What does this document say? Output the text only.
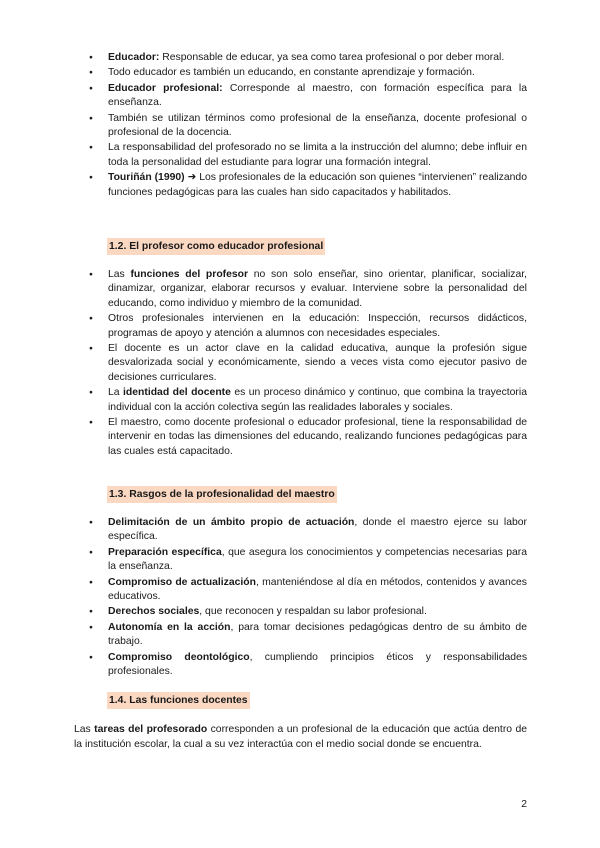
● Educador: Responsable de educar, ya sea como tarea profesional o por deber moral.
● Todo educador es también un educando, en constante aprendizaje y formación.
● Educador profesional: Corresponde al maestro, con formación específica para la enseñanza.
● También se utilizan términos como profesional de la enseñanza, docente profesional o profesional de la docencia.
● La responsabilidad del profesorado no se limita a la instrucción del alumno; debe influir en toda la personalidad del estudiante para lograr una formación integral.
● Touriñán (1990) ➜ Los profesionales de la educación son quienes “intervienen” realizando funciones pedagógicas para las cuales han sido capacitados y habilitados.
1.2. El profesor como educador profesional
● Las funciones del profesor no son solo enseñar, sino orientar, planificar, socializar, dinamizar, organizar, elaborar recursos y evaluar. Interviene sobre la personalidad del educando, como individuo y miembro de la comunidad.
● Otros profesionales intervienen en la educación: Inspección, recursos didácticos, programas de apoyo y atención a alumnos con necesidades especiales.
● El docente es un actor clave en la calidad educativa, aunque la profesión sigue desvalorizada social y económicamente, siendo a veces vista como ejecutor pasivo de decisiones curriculares.
● La identidad del docente es un proceso dinámico y continuo, que combina la trayectoria individual con la acción colectiva según las realidades laborales y sociales.
● El maestro, como docente profesional o educador profesional, tiene la responsabilidad de intervenir en todas las dimensiones del educando, realizando funciones pedagógicas para las cuales está capacitado.
1.3. Rasgos de la profesionalidad del maestro
● Delimitación de un ámbito propio de actuación, donde el maestro ejerce su labor específica.
● Preparación específica, que asegura los conocimientos y competencias necesarias para la enseñanza.
● Compromiso de actualización, manteniéndose al día en métodos, contenidos y avances educativos.
● Derechos sociales, que reconocen y respaldan su labor profesional.
● Autonomía en la acción, para tomar decisiones pedagógicas dentro de su ámbito de trabajo.
● Compromiso deontológico, cumpliendo principios éticos y responsabilidades profesionales.
1.4. Las funciones docentes

Las tareas del profesorado corresponden a un profesional de la educación que actúa dentro de la institución escolar, la cual a su vez interactúa con el medio social donde se encuentra.

2
